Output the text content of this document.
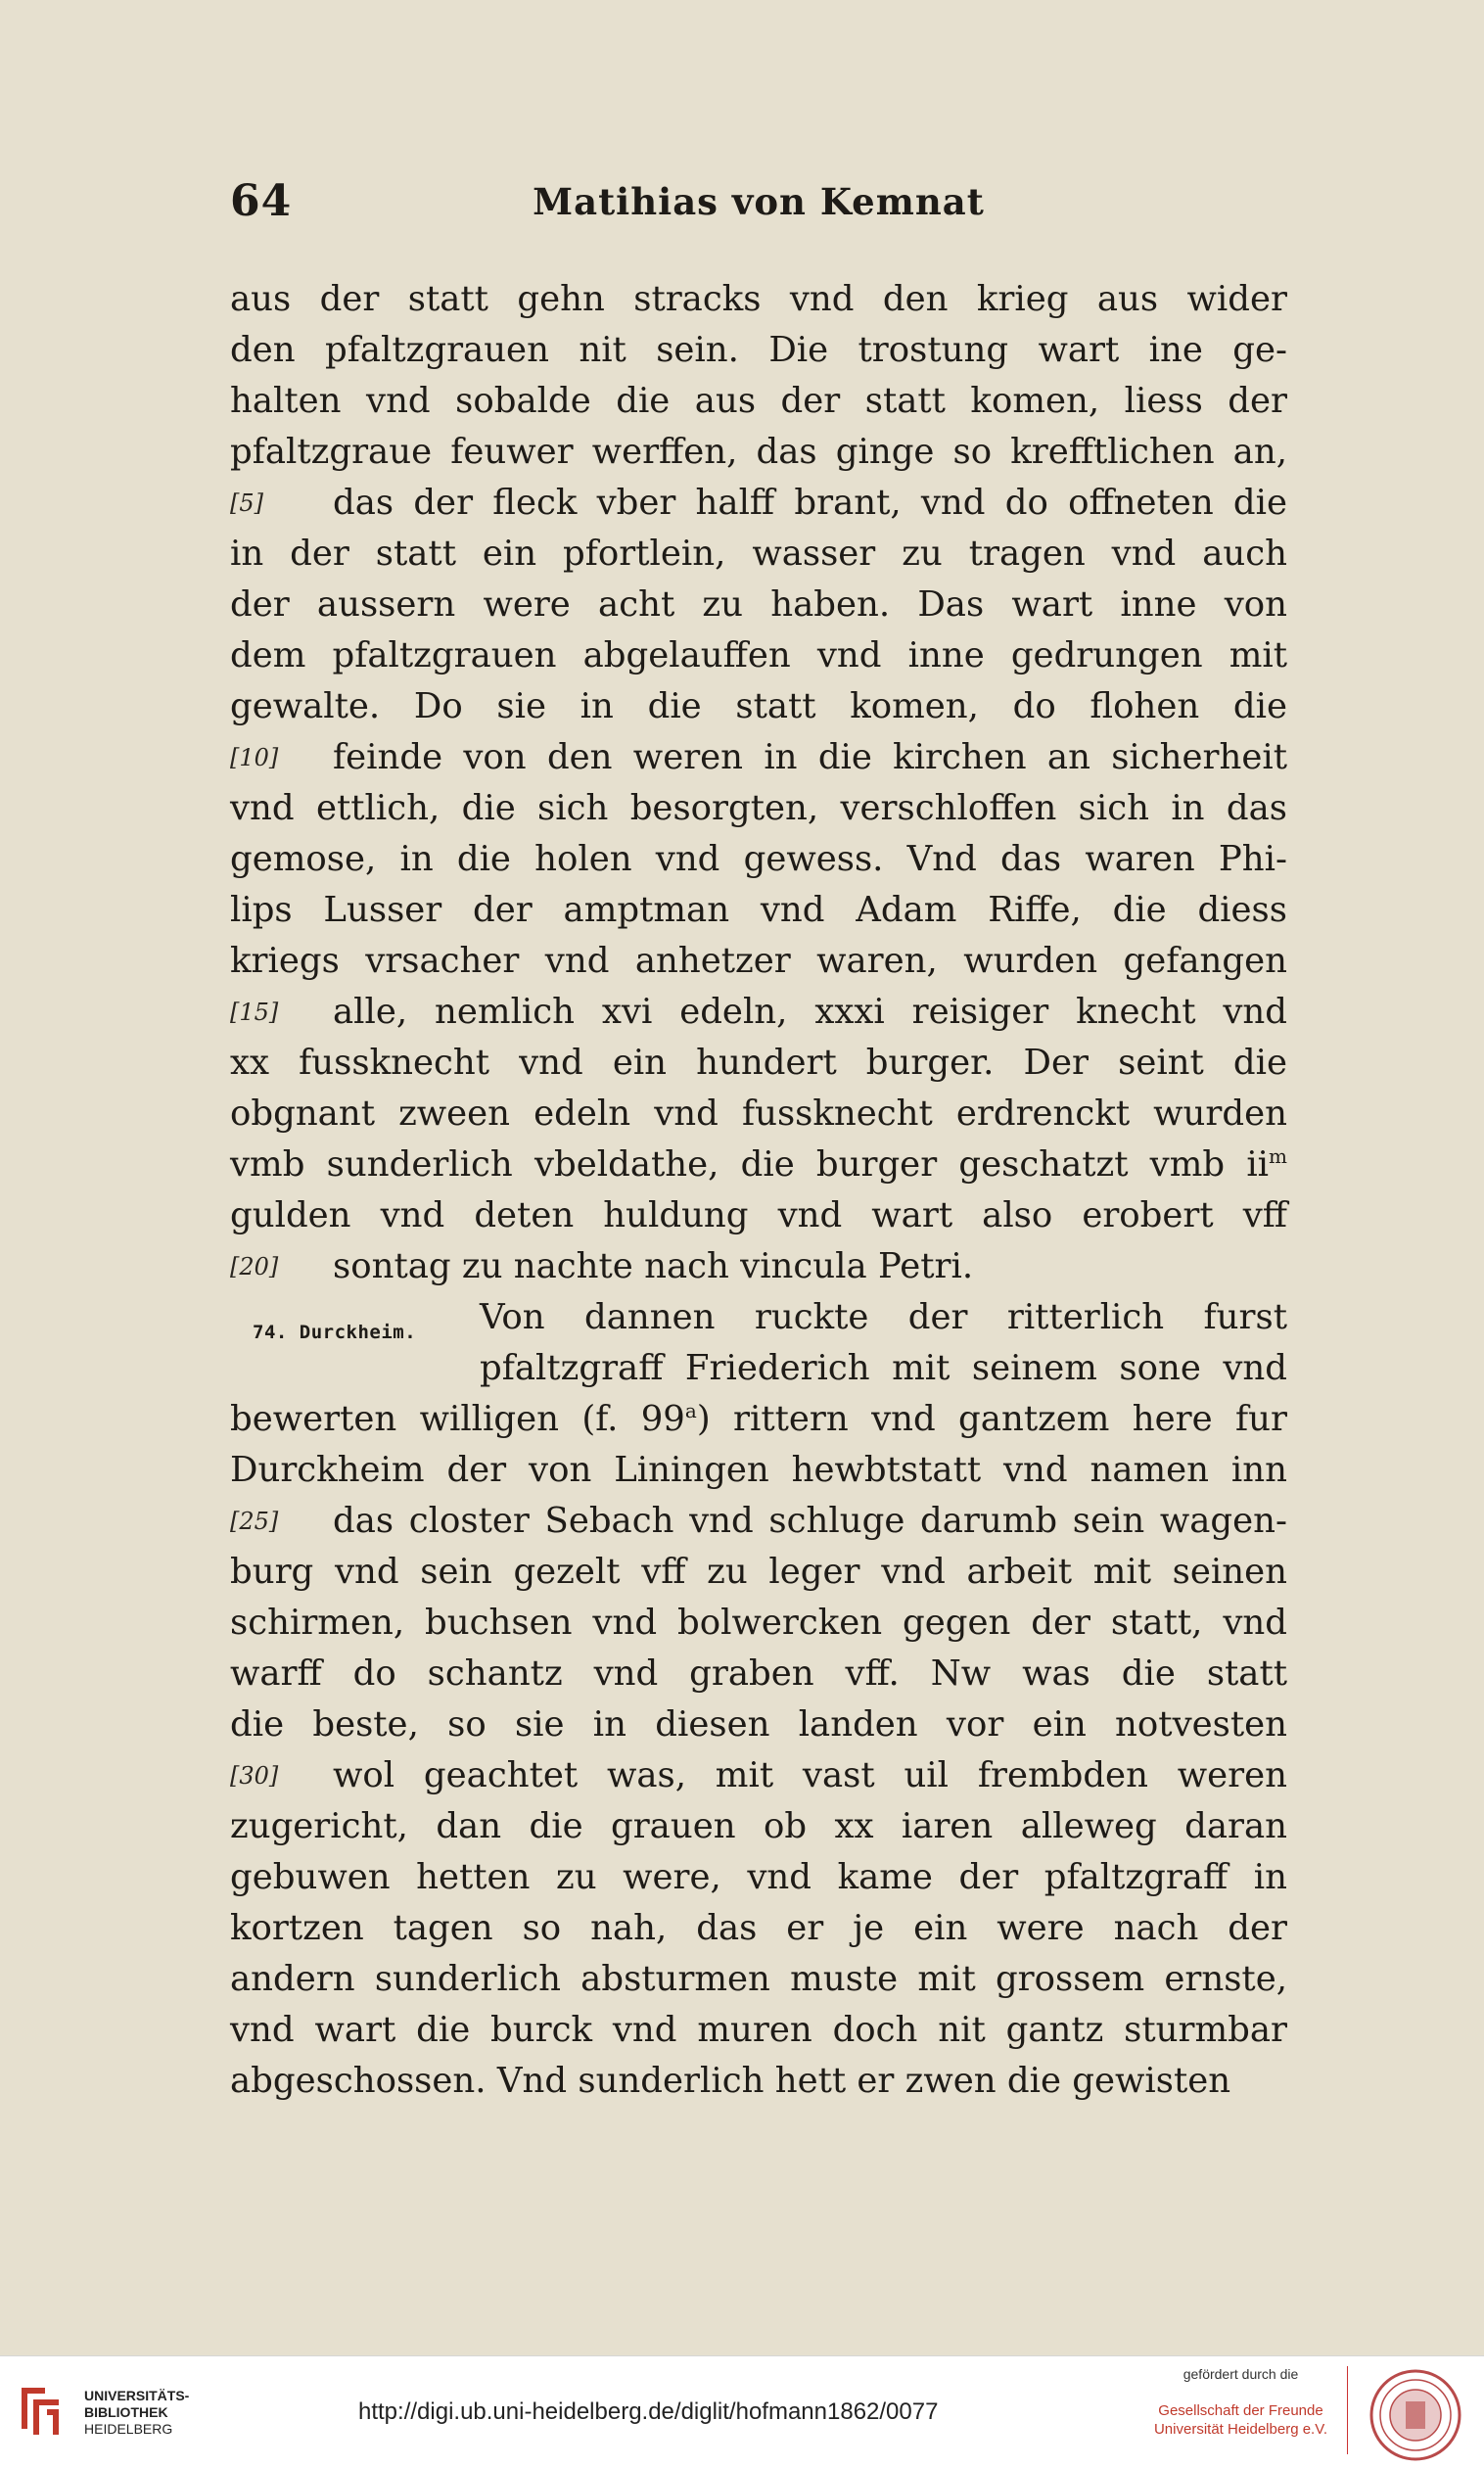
64	Matihias von Kemnat
aus der statt gehn stracks vnd den krieg aus wider
den pfaltzgrauen nit sein. Die trostung wart ine ge-
halten vnd sobalde die aus der statt komen, liess der
pfaltzgraue feuwer werffen, das ginge so krefftlichen an,
[5]	das der fleck vber halff brant, vnd do offneten die
in der statt ein pfortlein, wasser zu tragen vnd auch
der aussern were acht zu haben. Das wart inne von
dem pfaltzgrauen abgelauffen vnd inne gedrungen mit
gewalte. Do sie in die statt komen, do flohen die
[10]	feinde von den weren in die kirchen an sicherheit
vnd ettlich, die sich besorgten, verschloffen sich in das
gemose, in die holen vnd gewess. Vnd das waren Phi-
lips Lusser der amptman vnd Adam Riffe, die diess
kriegs vrsacher vnd anhetzer waren, wurden gefangen
[15]	alle, nemlich xvi edeln, xxxi reisiger knecht vnd
xx fussknecht vnd ein hundert burger. Der seint die
obgnant zween edeln vnd fussknecht erdrenckt wurden
vmb sunderlich vbeldathe, die burger geschatzt vmb $ii^m$
gulden vnd deten huldung vnd wart also erobert vff
[20]	sontag zu nachte nach vincula Petri.
Von dannen ruckte der ritterlich furst
pfaltzgraff Friederich mit seinem sone vnd
bewerten willigen (f. 99$^a$) rittern vnd gantzem here fur
Durckheim der von Liningen hewbtstatt vnd namen inn
[25]	das closter Sebach vnd schluge darumb sein wagen-
burg vnd sein gezelt vff zu leger vnd arbeit mit seinen
schirmen, buchsen vnd bolwercken gegen der statt, vnd
warff do schantz vnd graben vff. Nw was die statt
die beste, so sie in diesen landen vor ein notvesten
[30]	wol geachtet was, mit vast uil frembden weren
zugericht, dan die grauen ob xx iaren alleweg daran
gebuwen hetten zu were, vnd kame der pfaltzgraff in
kortzen tagen so nah, das er je ein were nach der
andern sunderlich absturmen muste mit grossem ernste,
vnd wart die burck vnd muren doch nit gantz sturmbar
abgeschossen. Vnd sunderlich hett er zwen die gewisten
74. Durckheim.
UNIVERSITÄTS-
BIBLIOTHEK
HEIDELBERG
http://digi.ub.uni-heidelberg.de/diglit/hofmann1862/0077
gefördert durch die
Gesellschaft der Freunde
Universität Heidelberg e.V.
